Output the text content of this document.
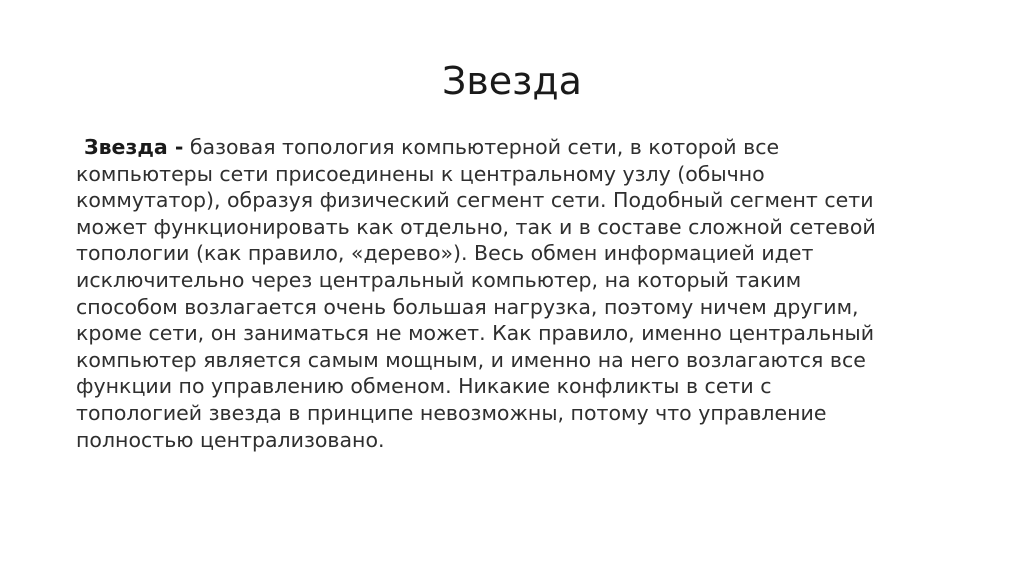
Звезда

Звезда - базовая топология компьютерной сети, в которой все
компьютеры сети присоединены к центральному узлу (обычно
коммутатор), образуя физический сегмент сети. Подобный сегмент сети
может функционировать как отдельно, так и в составе сложной сетевой
топологии (как правило, «дерево»). Весь обмен информацией идет
исключительно через центральный компьютер, на который таким
способом возлагается очень большая нагрузка, поэтому ничем другим,
кроме сети, он заниматься не может. Как правило, именно центральный
компьютер является самым мощным, и именно на него возлагаются все
функции по управлению обменом. Никакие конфликты в сети с
топологией звезда в принципе невозможны, потому что управление
полностью централизовано.
